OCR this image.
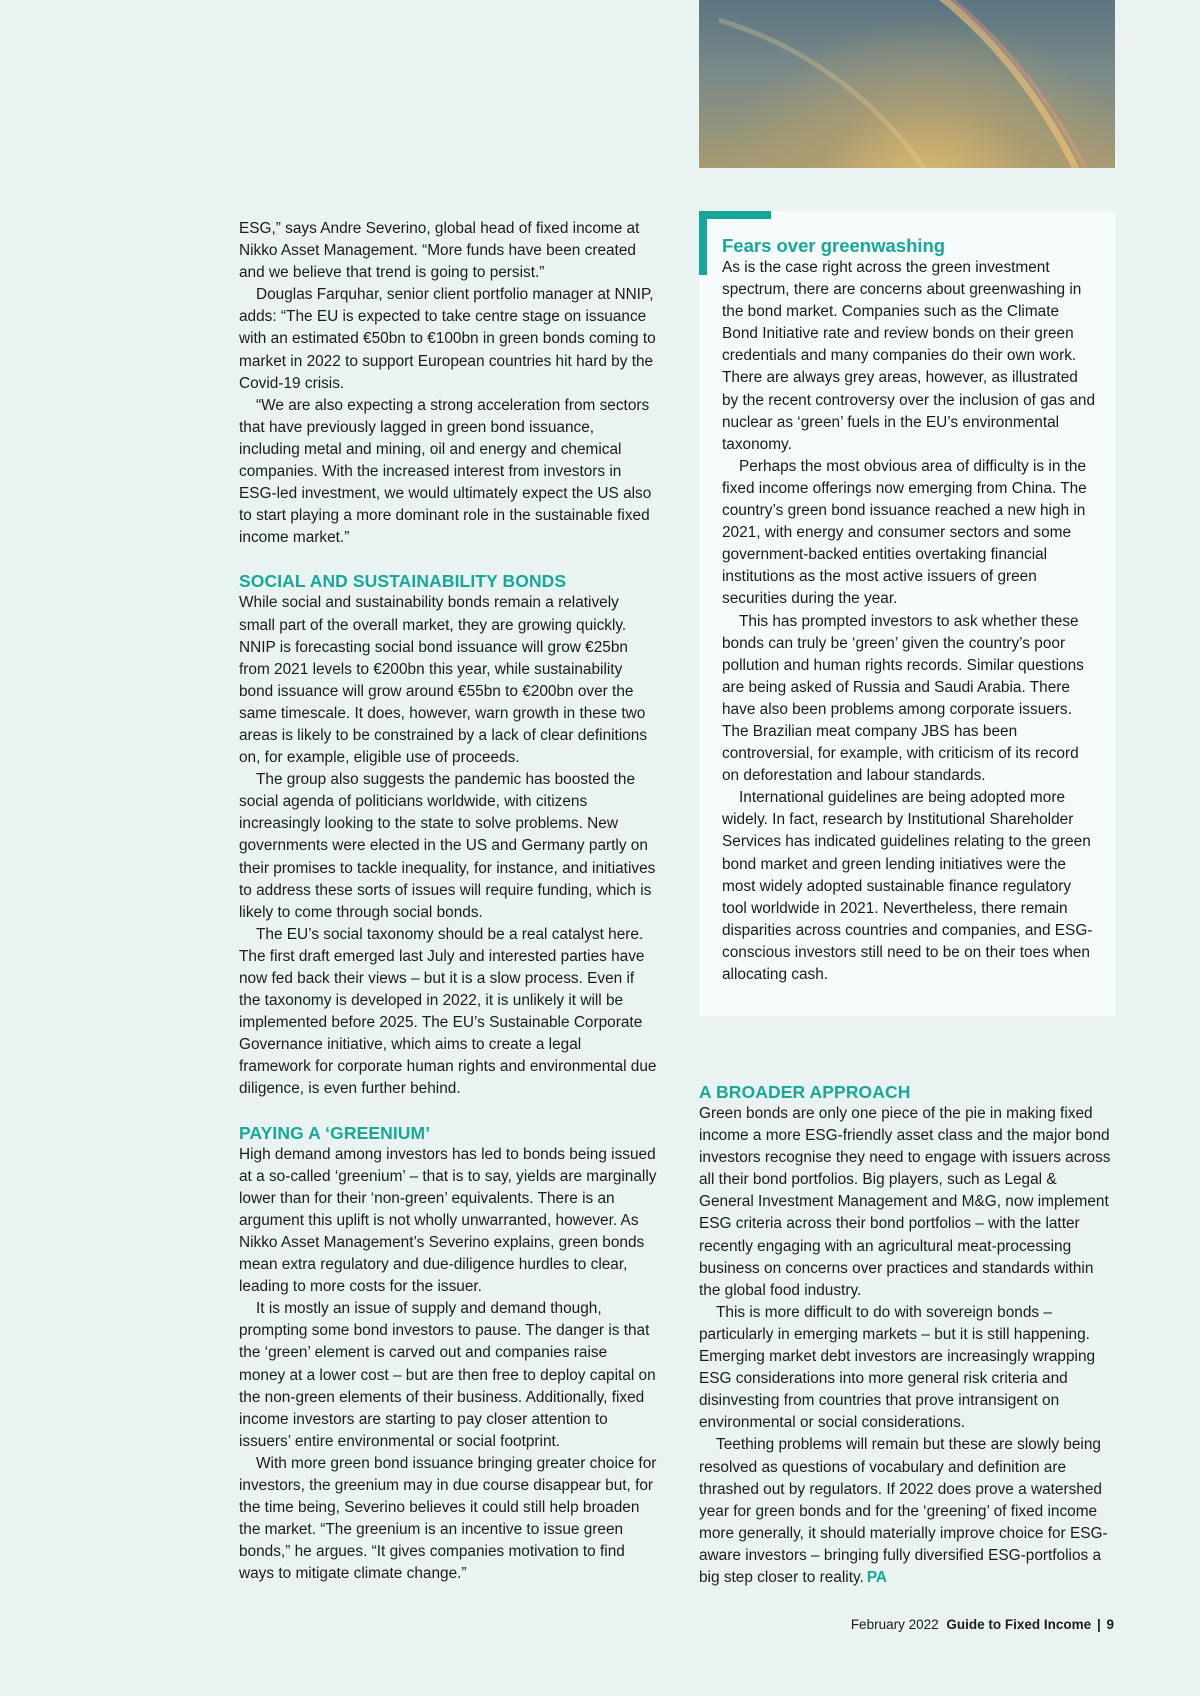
ESG,” says Andre Severino, global head of fixed income at Nikko Asset Management. “More funds have been created and we believe that trend is going to persist.”

Douglas Farquhar, senior client portfolio manager at NNIP, adds: “The EU is expected to take centre stage on issuance with an estimated €50bn to €100bn in green bonds coming to market in 2022 to support European countries hit hard by the Covid-19 crisis.

“We are also expecting a strong acceleration from sectors that have previously lagged in green bond issuance, including metal and mining, oil and energy and chemical companies. With the increased interest from investors in ESG-led investment, we would ultimately expect the US also to start playing a more dominant role in the sustainable fixed income market.”

SOCIAL AND SUSTAINABILITY BONDS

While social and sustainability bonds remain a relatively small part of the overall market, they are growing quickly. NNIP is forecasting social bond issuance will grow €25bn from 2021 levels to €200bn this year, while sustainability bond issuance will grow around €55bn to €200bn over the same timescale. It does, however, warn growth in these two areas is likely to be constrained by a lack of clear definitions on, for example, eligible use of proceeds.

The group also suggests the pandemic has boosted the social agenda of politicians worldwide, with citizens increasingly looking to the state to solve problems. New governments were elected in the US and Germany partly on their promises to tackle inequality, for instance, and initiatives to address these sorts of issues will require funding, which is likely to come through social bonds.

The EU’s social taxonomy should be a real catalyst here. The first draft emerged last July and interested parties have now fed back their views – but it is a slow process. Even if the taxonomy is developed in 2022, it is unlikely it will be implemented before 2025. The EU’s Sustainable Corporate Governance initiative, which aims to create a legal framework for corporate human rights and environmental due diligence, is even further behind.

PAYING A ‘GREENIUM’

High demand among investors has led to bonds being issued at a so-called ‘greenium’ – that is to say, yields are marginally lower than for their ‘non-green’ equivalents. There is an argument this uplift is not wholly unwarranted, however. As Nikko Asset Management’s Severino explains, green bonds mean extra regulatory and due-diligence hurdles to clear, leading to more costs for the issuer.

It is mostly an issue of supply and demand though, prompting some bond investors to pause. The danger is that the ‘green’ element is carved out and companies raise money at a lower cost – but are then free to deploy capital on the non-green elements of their business. Additionally, fixed income investors are starting to pay closer attention to issuers’ entire environmental or social footprint.

With more green bond issuance bringing greater choice for investors, the greenium may in due course disappear but, for the time being, Severino believes it could still help broaden the market. “The greenium is an incentive to issue green bonds,” he argues. “It gives companies motivation to find ways to mitigate climate change.”

Fears over greenwashing

As is the case right across the green investment spectrum, there are concerns about greenwashing in the bond market. Companies such as the Climate Bond Initiative rate and review bonds on their green credentials and many companies do their own work. There are always grey areas, however, as illustrated by the recent controversy over the inclusion of gas and nuclear as ‘green’ fuels in the EU’s environmental taxonomy.

Perhaps the most obvious area of difficulty is in the fixed income offerings now emerging from China. The country’s green bond issuance reached a new high in 2021, with energy and consumer sectors and some government-backed entities overtaking financial institutions as the most active issuers of green securities during the year.

This has prompted investors to ask whether these bonds can truly be ‘green’ given the country’s poor pollution and human rights records. Similar questions are being asked of Russia and Saudi Arabia. There have also been problems among corporate issuers. The Brazilian meat company JBS has been controversial, for example, with criticism of its record on deforestation and labour standards.

International guidelines are being adopted more widely. In fact, research by Institutional Shareholder Services has indicated guidelines relating to the green bond market and green lending initiatives were the most widely adopted sustainable finance regulatory tool worldwide in 2021. Nevertheless, there remain disparities across countries and companies, and ESG-conscious investors still need to be on their toes when allocating cash.

A BROADER APPROACH

Green bonds are only one piece of the pie in making fixed income a more ESG-friendly asset class and the major bond investors recognise they need to engage with issuers across all their bond portfolios. Big players, such as Legal & General Investment Management and M&G, now implement ESG criteria across their bond portfolios – with the latter recently engaging with an agricultural meat-processing business on concerns over practices and standards within the global food industry.

This is more difficult to do with sovereign bonds – particularly in emerging markets – but it is still happening. Emerging market debt investors are increasingly wrapping ESG considerations into more general risk criteria and disinvesting from countries that prove intransigent on environmental or social considerations.

Teething problems will remain but these are slowly being resolved as questions of vocabulary and definition are thrashed out by regulators. If 2022 does prove a watershed year for green bonds and for the ‘greening’ of fixed income more generally, it should materially improve choice for ESG-aware investors – bringing fully diversified ESG-portfolios a big step closer to reality. PA

February 2022 Guide to Fixed Income | 9
